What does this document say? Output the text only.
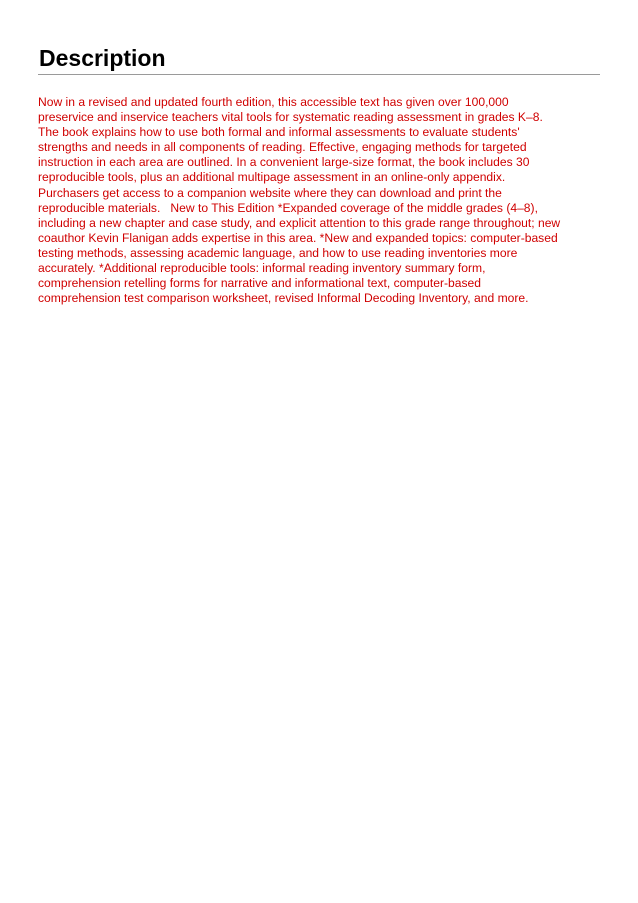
Description

Now in a revised and updated fourth edition, this accessible text has given over 100,000
preservice and inservice teachers vital tools for systematic reading assessment in grades K–8.
The book explains how to use both formal and informal assessments to evaluate students'
strengths and needs in all components of reading. Effective, engaging methods for targeted
instruction in each area are outlined. In a convenient large-size format, the book includes 30
reproducible tools, plus an additional multipage assessment in an online-only appendix.
Purchasers get access to a companion website where they can download and print the
reproducible materials.   New to This Edition *Expanded coverage of the middle grades (4–8),
including a new chapter and case study, and explicit attention to this grade range throughout; new
coauthor Kevin Flanigan adds expertise in this area. *New and expanded topics: computer-based
testing methods, assessing academic language, and how to use reading inventories more
accurately. *Additional reproducible tools: informal reading inventory summary form,
comprehension retelling forms for narrative and informational text, computer-based
comprehension test comparison worksheet, revised Informal Decoding Inventory, and more.
